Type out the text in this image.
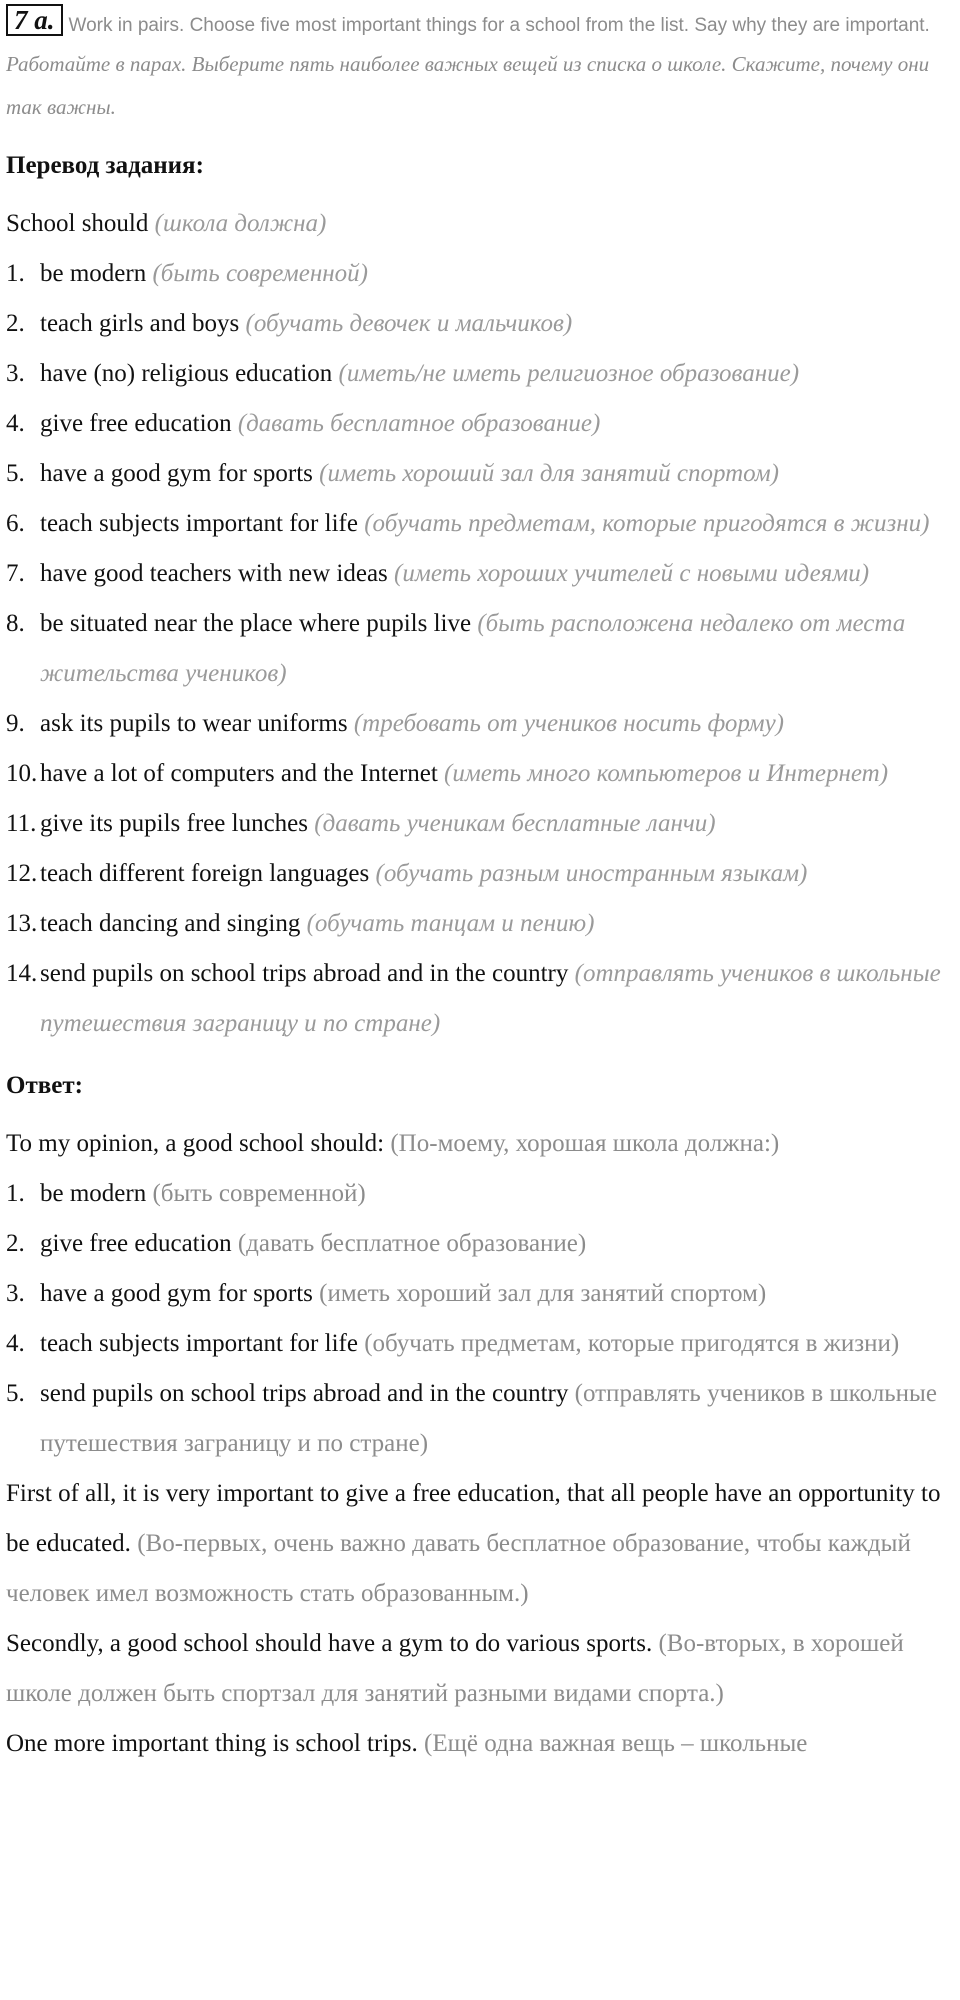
7 a. Work in pairs. Choose five most important things for a school from the list. Say why they are important.
Работайте в парах. Выберите пять наиболее важных вещей из списка о школе. Скажите, почему они так важны.
Перевод задания:
School should (школа должна)
1. be modern (быть современной)
2. teach girls and boys (обучать девочек и мальчиков)
3. have (no) religious education (иметь/не иметь религиозное образование)
4. give free education (давать бесплатное образование)
5. have a good gym for sports (иметь хороший зал для занятий спортом)
6. teach subjects important for life (обучать предметам, которые пригодятся в жизни)
7. have good teachers with new ideas (иметь хороших учителей с новыми идеями)
8. be situated near the place where pupils live (быть расположена недалеко от места жительства учеников)
9. ask its pupils to wear uniforms (требовать от учеников носить форму)
10. have a lot of computers and the Internet (иметь много компьютеров и Интернет)
11. give its pupils free lunches (давать ученикам бесплатные ланчи)
12. teach different foreign languages (обучать разным иностранным языкам)
13. teach dancing and singing (обучать танцам и пению)
14. send pupils on school trips abroad and in the country (отправлять учеников в школьные путешествия заграницу и по стране)
Ответ:
To my opinion, a good school should: (По-моему, хорошая школа должна:)
1. be modern (быть современной)
2. give free education (давать бесплатное образование)
3. have a good gym for sports (иметь хороший зал для занятий спортом)
4. teach subjects important for life (обучать предметам, которые пригодятся в жизни)
5. send pupils on school trips abroad and in the country (отправлять учеников в школьные путешествия заграницу и по стране)
First of all, it is very important to give a free education, that all people have an opportunity to be educated. (Во-первых, очень важно давать бесплатное образование, чтобы каждый человек имел возможность стать образованным.)
Secondly, a good school should have a gym to do various sports. (Во-вторых, в хорошей школе должен быть спортзал для занятий разными видами спорта.)
One more important thing is school trips. (Ещё одна важная вещь – школьные
